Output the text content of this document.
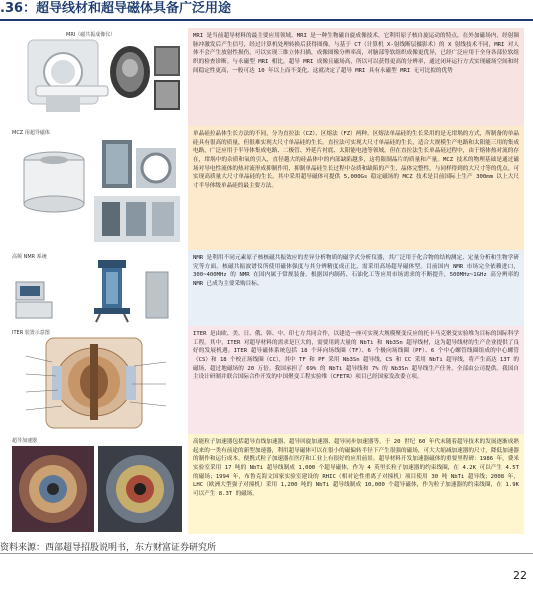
.36：超导线材和超导磁体具备广泛用途
MRI（磁共振成像仪）	MRI 是当前超导材料的最主要应用领域。MRI 是一种生物磁自旋成像技术，它利用原子核自旋运动的特点，在外加磁场内，经射频脉冲激发后产生信号，经过计算机处理转换后获得图像。与基于 CT（计算机 X-射线断层摄影术）的 X 射线技术不同，MRI 对人体不会产生放射性损伤，可以实现三维立体扫描，成像图像分辨率高，对脑部等软组织成像更优异，已经广泛应用于全身各部位软组织的检查诊断。与永磁型 MRI 相比，超导 MRI 成像且磁场高，所以可以获得更高的分辨率，通过闭环运行方式实现磁场空间和时间稳定性更高，一般可达 10 年以上而不变化。这就决定了超导 MRI 具有永磁型 MRI 无可比拟的优势
MCZ 用超导磁体	单晶硅拉晶体生长方法的不同，分为直拉法（CZ）、区熔法（FZ）两种。区熔法单晶硅的生长采用的是无坩埚的方式，所制备的单晶硅具有很高的质量，但很难实现大尺寸单晶硅的生长。直拉法可实现大尺寸单晶硅的生长，适合大规模生产电路和太阳能三用的集成电路，广泛应用于半导体集成电路、二极管、外延片衬底、太阳能电池等领域。但在直拉法生长单晶硅过程中，由于熔体热对流的存在，坩埚中的杂质和氧的引入，直径越大的硅晶体中的内部缺陷越多，这将限制晶片的质量和产量。MCZ 技术的物理基础是通过磁场对导电性流体的热对流形成抑制作用，抑制单晶硅生长过程中杂质和缺陷的产生，晶体完整性，与同样得到的大尺寸等的优点。可实现高质量大尺寸单晶硅的生长。其中采用超导磁体可提供 5,000Gs 稳定磁场的 MCZ 技术是目前国际上生产 300mm 以上大尺寸半导体级单晶硅的最主要方法。
高频 NMR 系统	NMR 是利用不同元素原子核核磁共振效应的差异分析物质的磁学式分析仪器，其广泛用于化合物的结构测定、定量分析和生物学研究等方面。核磁共振波谱仪所使用磁体强度与其分辨精度成正比，需采用高场超导磁体型。目前国内 NMR 市场完全依赖进口，300~400MHz 的 NMR 在国内属于常规装备。根据国内制药、石油化工等应用市场需求的不断提升，500MHz~1GHz 高分辨率的NMR 已成为主要采购目标。
ITER 装置示意图	ITER 是由欧、美、日、俄、韩、中、印七方共同合作，以建造一座可实现大规模聚变反应的托卡马克聚变实验堆为目标的国际科学工程。其中，ITER 对超导材料的需求是巨大的，需要用到大量的 NbTi 和 Nb3Sn 超导线材，这为超导线材的生产企业提供了良好的发展机遇。ITER 超导磁体系统包括 18 个环向场线圈（TF）、6 个极向场线圈（PF）、6 个中心螺管线圈组成的中心螺管（CS）和 18 个校正场线圈（CC），其中 TF 和 PF 采用 Nb3Sn 超导线，CS 和 CC 采用 NbTi 超导线，将产生高达 13T 的磁场，超过地磁场的 20 万倍。我国承担了 69% 的 NbTi 超导线和 7% 的 Nb3Sn 超导线生产任务，全部由公司提供。我国自主设计研制并联合国际合作开发的中国聚变工程实验堆（CFETR）项目已经国家发改委立项。
超导加速器	高能粒子加速器包括超导直线加速器、超导回旋加速器、超导同步加速器等，于 20 世纪 60 年代末随着超导技术的发展逐渐成熟起来的一类有前途的新型加速器，利用超导磁体可以在很小的磁偏转半径下产生很强的磁场，可大大缩减加速器的尺寸，降低加速器的制作和运行成本。便携式粒子加速器在医疗和工业上有很好的应用前景。超导材料开发加速器磁体的重要里程碑：1986 年，费米实验室采用 17 吨的 NbTi 超导线制成 1,000 个超导磁体，作为 4 英里长粒子加速器的约束线圈，在 4.2K 可以产生 4.5T 的磁场；1994 年，布鲁克海文国家实验室建设的 RHIC（相对论性重离子对撞机）项目使用 30 吨 NbTi 超导线；2008 年，LHC（欧洲大型强子对撞机）采用 1,200 吨的 NbTi 超导线制成 10,000 个超导磁体，作为粒子加速器的约束线圈，在 1.9K 可以产生 8.3T 的磁场。
资料来源：西部超导招股说明书，东方财富证券研究所
22
